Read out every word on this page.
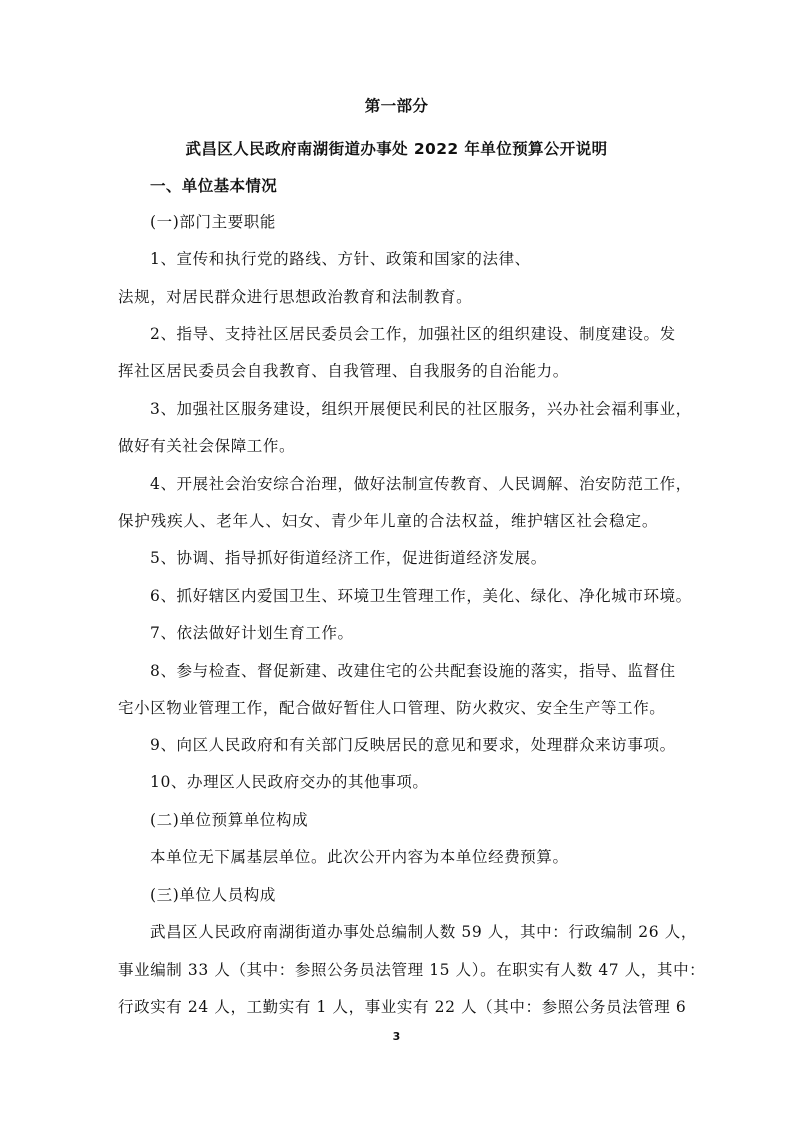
第一部分
武昌区人民政府南湖街道办事处 2022 年单位预算公开说明
一、单位基本情况
(一)部门主要职能
1、宣传和执行党的路线、方针、政策和国家的法律、
法规，对居民群众进行思想政治教育和法制教育。
2、指导、支持社区居民委员会工作，加强社区的组织建设、制度建设。发
挥社区居民委员会自我教育、自我管理、自我服务的自治能力。
3、加强社区服务建设，组织开展便民利民的社区服务，兴办社会福利事业，
做好有关社会保障工作。
4、开展社会治安综合治理，做好法制宣传教育、人民调解、治安防范工作，
保护残疾人、老年人、妇女、青少年儿童的合法权益，维护辖区社会稳定。
5、协调、指导抓好街道经济工作，促进街道经济发展。
6、抓好辖区内爱国卫生、环境卫生管理工作，美化、绿化、净化城市环境。
7、依法做好计划生育工作。
8、参与检查、督促新建、改建住宅的公共配套设施的落实，指导、监督住
宅小区物业管理工作，配合做好暂住人口管理、防火救灾、安全生产等工作。
9、向区人民政府和有关部门反映居民的意见和要求，处理群众来访事项。
10、办理区人民政府交办的其他事项。
(二)单位预算单位构成
本单位无下属基层单位。此次公开内容为本单位经费预算。
(三)单位人员构成
武昌区人民政府南湖街道办事处总编制人数 59 人，其中：行政编制 26 人，
事业编制 33 人（其中：参照公务员法管理 15 人）。在职实有人数 47 人，其中：
行政实有 24 人，工勤实有 1 人，事业实有 22 人（其中：参照公务员法管理 6
3
